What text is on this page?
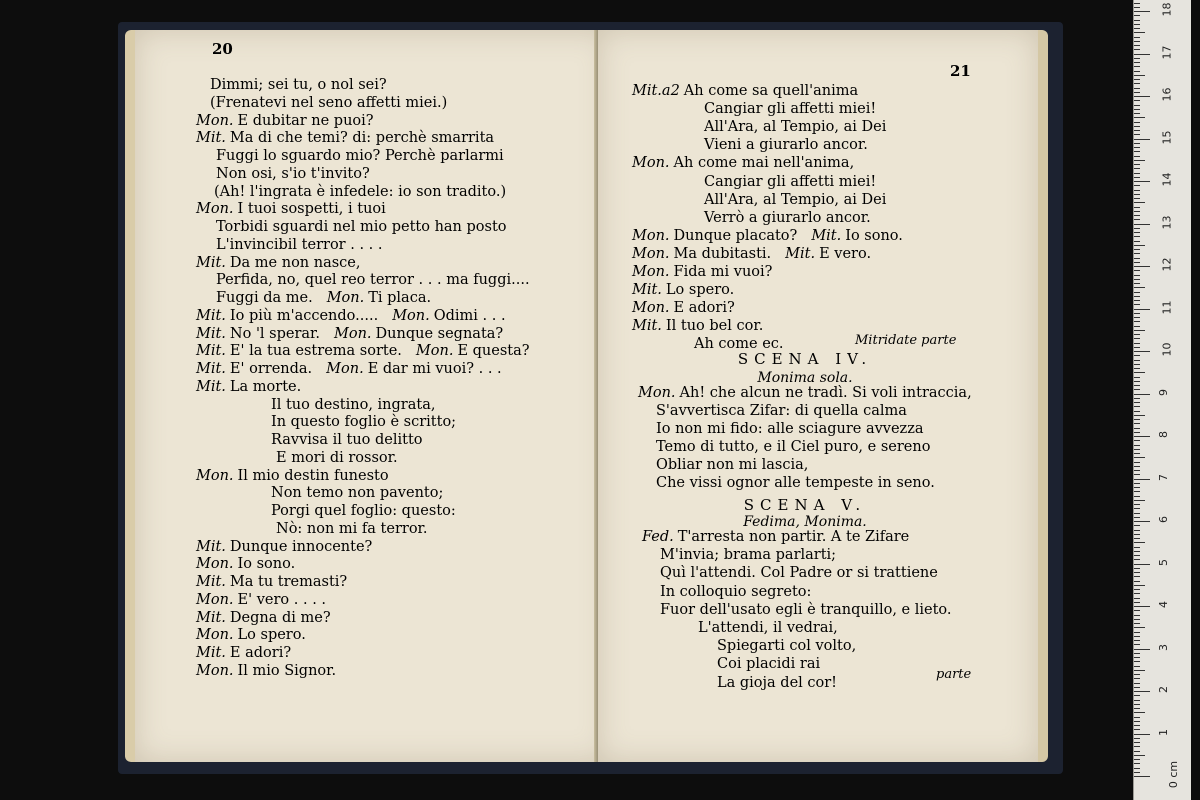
20
21
Dimmi; sei tu, o nol sei?
(Frenatevi nel seno affetti miei.)
Mon. E dubitar ne puoi?
Mit. Ma di che temi? di: perchè smarrita
Fuggi lo sguardo mio? Perchè parlarmi
Non osi, s'io t'invito?
(Ah! l'ingrata è infedele: io son tradito.)
Mon. I tuoi sospetti, i tuoi
Torbidi sguardi nel mio petto han posto
L'invincibil terror . . . .
Mit. Da me non nasce,
Perfida, no, quel reo terror . . . ma fuggi....
Fuggi da me. Mon. Ti placa.
Mit. Io più m'accendo..... Mon. Odimi . . .
Mit. No 'l sperar. Mon. Dunque segnata?
Mit. E' la tua estrema sorte. Mon. E questa?
Mit. E' orrenda. Mon. E dar mi vuoi? . . .
Mit. La morte.
Il tuo destino, ingrata,
In questo foglio è scritto;
Ravvisa il tuo delitto
E mori di rossor.
Mon. Il mio destin funesto
Non temo non pavento;
Porgi quel foglio: questo:
Nò: non mi fa terror.
Mit. Dunque innocente?
Mon. Io sono.
Mit. Ma tu tremasti?
Mon. E' vero . . . .
Mit. Degna di me?
Mon. Lo spero.
Mit. E adori?
Mon. Il mio Signor.
Mit.a2 Ah come sa quell'anima
Cangiar gli affetti miei!
All'Ara, al Tempio, ai Dei
Vieni a giurarlo ancor.
Mon. Ah come mai nell'anima,
Cangiar gli affetti miei!
All'Ara, al Tempio, ai Dei
Verrò a giurarlo ancor.
Mon. Dunque placato? Mit. Io sono.
Mon. Ma dubitasti. Mit. E vero.
Mon. Fida mi vuoi?
Mit. Lo spero.
Mon. E adori?
Mit. Il tuo bel cor.
Ah come ec.
Mon. Ah! che alcun ne tradì. Si voli intraccia,
S'avvertisca Zifar: di quella calma
Io non mi fido: alle sciagure avvezza
Temo di tutto, e il Ciel puro, e sereno
Obliar non mi lascia,
Che vissi ognor alle tempeste in seno.
Fed. T'arresta non partir. A te Zifare
M'invia; brama parlarti;
Quì l'attendi. Col Padre or si trattiene
In colloquio segreto:
Fuor dell'usato egli è tranquillo, e lieto.
L'attendi, il vedrai,
Spiegarti col volto,
Coi placidi rai
La gioja del cor!
Mitridate parte
SCENA IV.
Monima sola.
SCENA V.
Fedima, Monima.
parte
18
17
16
15
14
13
12
11
10
9
8
7
6
5
4
3
2
1
0 cm
